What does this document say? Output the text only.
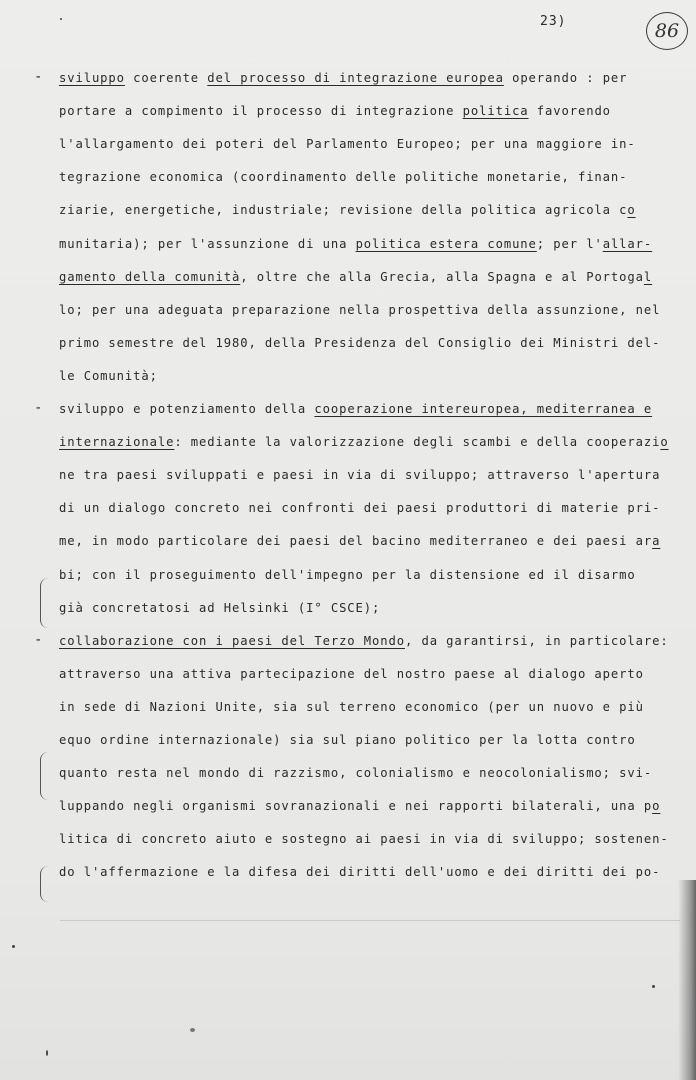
23)	86
- sviluppo coerente del processo di integrazione europea operando : per
portare a compimento il processo di integrazione politica favorendo
l'allargamento dei poteri del Parlamento Europeo; per una maggiore in-
tegrazione economica (coordinamento delle politiche monetarie, finan-
ziarie, energetiche, industriale; revisione della politica agricola co
munitaria); per l'assunzione di una politica estera comune; per l'allar-
gamento della comunità, oltre che alla Grecia, alla Spagna e al Portogal
lo; per una adeguata preparazione nella prospettiva della assunzione, nel
primo semestre del 1980, della Presidenza del Consiglio dei Ministri del-
le Comunità;
- sviluppo e potenziamento della cooperazione intereuropea, mediterranea e
internazionale: mediante la valorizzazione degli scambi e della cooperazio
ne tra paesi sviluppati e paesi in via di sviluppo; attraverso l'apertura
di un dialogo concreto nei confronti dei paesi produttori di materie pri-
me, in modo particolare dei paesi del bacino mediterraneo e dei paesi ara
bi; con il proseguimento dell'impegno per la distensione ed il disarmo
già concretatosi ad Helsinki (I° CSCE);
- collaborazione con i paesi del Terzo Mondo, da garantirsi, in particolare:
attraverso una attiva partecipazione del nostro paese al dialogo aperto
in sede di Nazioni Unite, sia sul terreno economico (per un nuovo e più
equo ordine internazionale) sia sul piano politico per la lotta contro
quanto resta nel mondo di razzismo, colonialismo e neocolonialismo; svi-
luppando negli organismi sovranazionali e nei rapporti bilaterali, una po
litica di concreto aiuto e sostegno ai paesi in via di sviluppo; sostenen-
do l'affermazione e la difesa dei diritti dell'uomo e dei diritti dei po-
